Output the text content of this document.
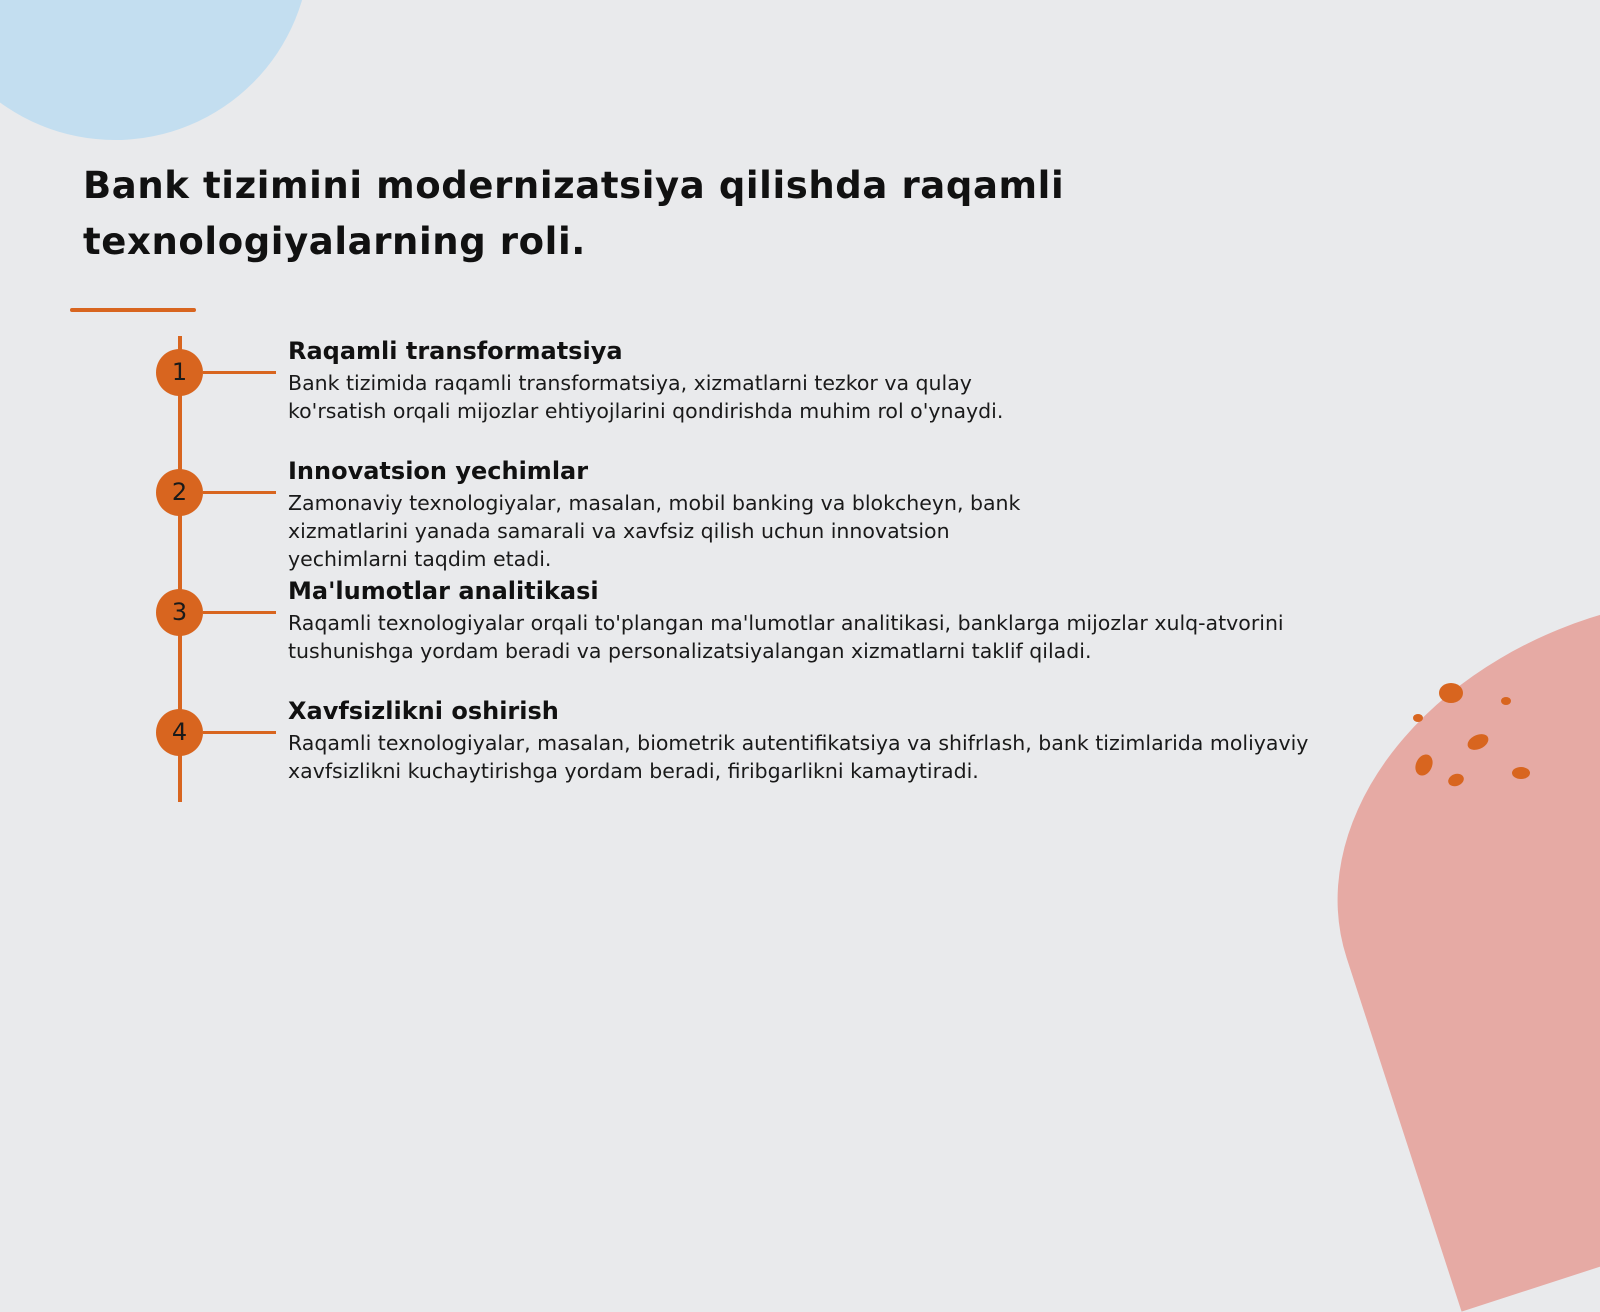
Bank tizimini modernizatsiya qilishda raqamli texnologiyalarning roli.
1
Raqamli transformatsiya
Bank tizimida raqamli transformatsiya, xizmatlarni tezkor va qulay
ko'rsatish orqali mijozlar ehtiyojlarini qondirishda muhim rol o'ynaydi.
2
Innovatsion yechimlar
Zamonaviy texnologiyalar, masalan, mobil banking va blokcheyn, bank
xizmatlarini yanada samarali va xavfsiz qilish uchun innovatsion
yechimlarni taqdim etadi.
3
Ma'lumotlar analitikasi
Raqamli texnologiyalar orqali to'plangan ma'lumotlar analitikasi, banklarga mijozlar xulq-atvorini
tushunishga yordam beradi va personalizatsiyalangan xizmatlarni taklif qiladi.
4
Xavfsizlikni oshirish
Raqamli texnologiyalar, masalan, biometrik autentifikatsiya va shifrlash, bank tizimlarida moliyaviy
xavfsizlikni kuchaytirishga yordam beradi, firibgarlikni kamaytiradi.
